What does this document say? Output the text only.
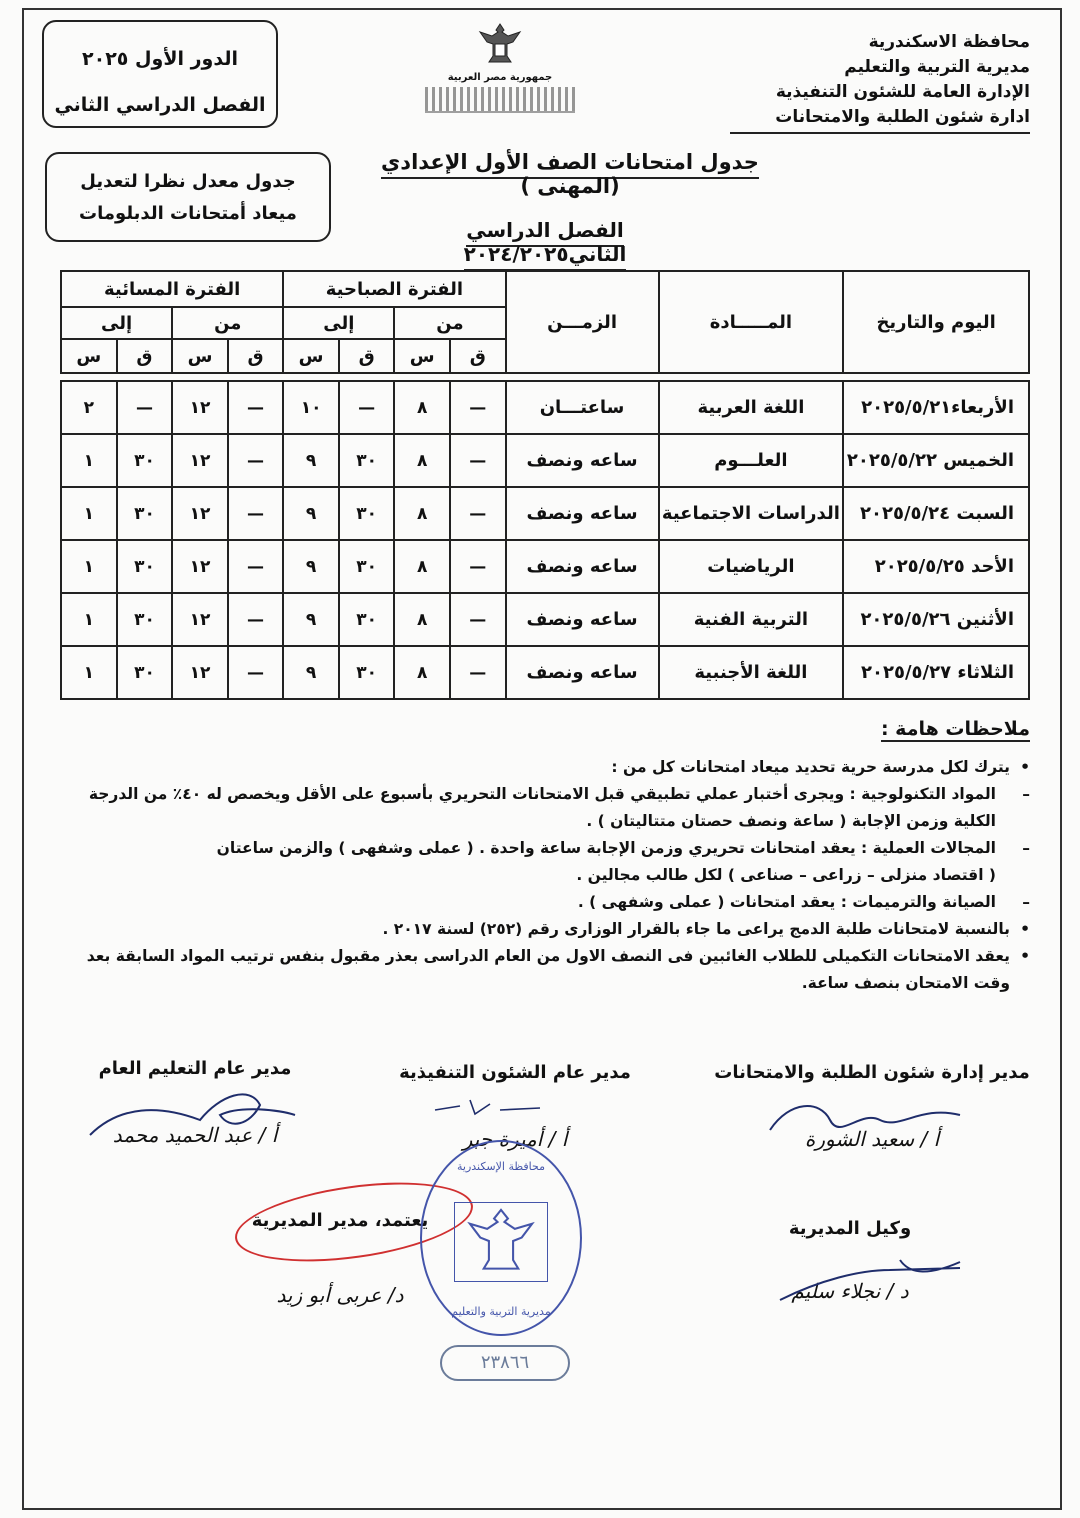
محافظة الاسكندرية
مديرية التربية والتعليم
الإدارة العامة للشئون التنفيذية
ادارة شئون الطلبة والامتحانات
جمهورية مصر العربية
الدور الأول ٢٠٢٥
الفصل الدراسي الثاني
جدول معدل نظرا لتعديل
ميعاد أمتحانات الدبلومات
جدول امتحانات الصف الأول الإعدادي (المهنى )
الفصل الدراسي الثاني٢٠٢٤/٢٠٢٥
اليوم والتاريخ	المـــــادة	الزمـــن	الفترة الصباحية				الفترة المسائية			
			من		إلى		من		إلى	
			ق	س	ق	س	ق	س	ق	س

الأربعاء٢٠٢٥/٥/٢١	اللغة العربية	ساعتـــان	—	٨	—	١٠	—	١٢	—	٢
الخميس ٢٠٢٥/٥/٢٢	العلـــوم	ساعه ونصف	—	٨	٣٠	٩	—	١٢	٣٠	١
السبت ٢٠٢٥/٥/٢٤	الدراسات الاجتماعية	ساعه ونصف	—	٨	٣٠	٩	—	١٢	٣٠	١
الأحد ٢٠٢٥/٥/٢٥	الرياضيات	ساعه ونصف	—	٨	٣٠	٩	—	١٢	٣٠	١
الأثنين ٢٠٢٥/٥/٢٦	التربية الفنية	ساعه ونصف	—	٨	٣٠	٩	—	١٢	٣٠	١
الثلاثاء ٢٠٢٥/٥/٢٧	اللغة الأجنبية	ساعه ونصف	—	٨	٣٠	٩	—	١٢	٣٠	١
ملاحظات هامة :

• يترك لكل مدرسة حرية تحديد ميعاد امتحانات كل من :

– المواد التكنولوجية : ويجرى أختبار عملي تطبيقي قبل الامتحانات التحريري بأسبوع على الأقل ويخصص له ٤٠٪ من الدرجة

الكلية وزمن الإجابة ( ساعة ونصف حصتان متتاليتان ) .

– المجالات العملية : يعقد امتحانات تحريري وزمن الإجابة ساعة واحدة . ( عملى وشفهى ) والزمن ساعتان

( اقتصاد منزلى – زراعى – صناعى ) لكل طالب مجالين .

– الصيانة والترميمات : يعقد امتحانات ( عملى وشفهى ) .

• بالنسبة لامتحانات طلبة الدمج يراعى ما جاء بالقرار الوزارى رقم (٢٥٢) لسنة ٢٠١٧ .

• يعقد الامتحانات التكميلى للطلاب الغائبين فى النصف الاول من العام الدراسى بعذر مقبول بنفس ترتيب المواد السابقة بعد

وقت الامتحان بنصف ساعة.

مدير إدارة شئون الطلبة والامتحانات
أ / سعيد الشورة
مدير عام الشئون التنفيذية
أ / أميرة جبر
مدير عام التعليم العام
أ / عبد الحميد محمد
وكيل المديرية
د / نجلاء سليم
يعتمد، مدير المديرية
د/ عربى أبو زيد
محافظة الإسكندرية
مديرية التربية والتعليم
٢٣٨٦٦
